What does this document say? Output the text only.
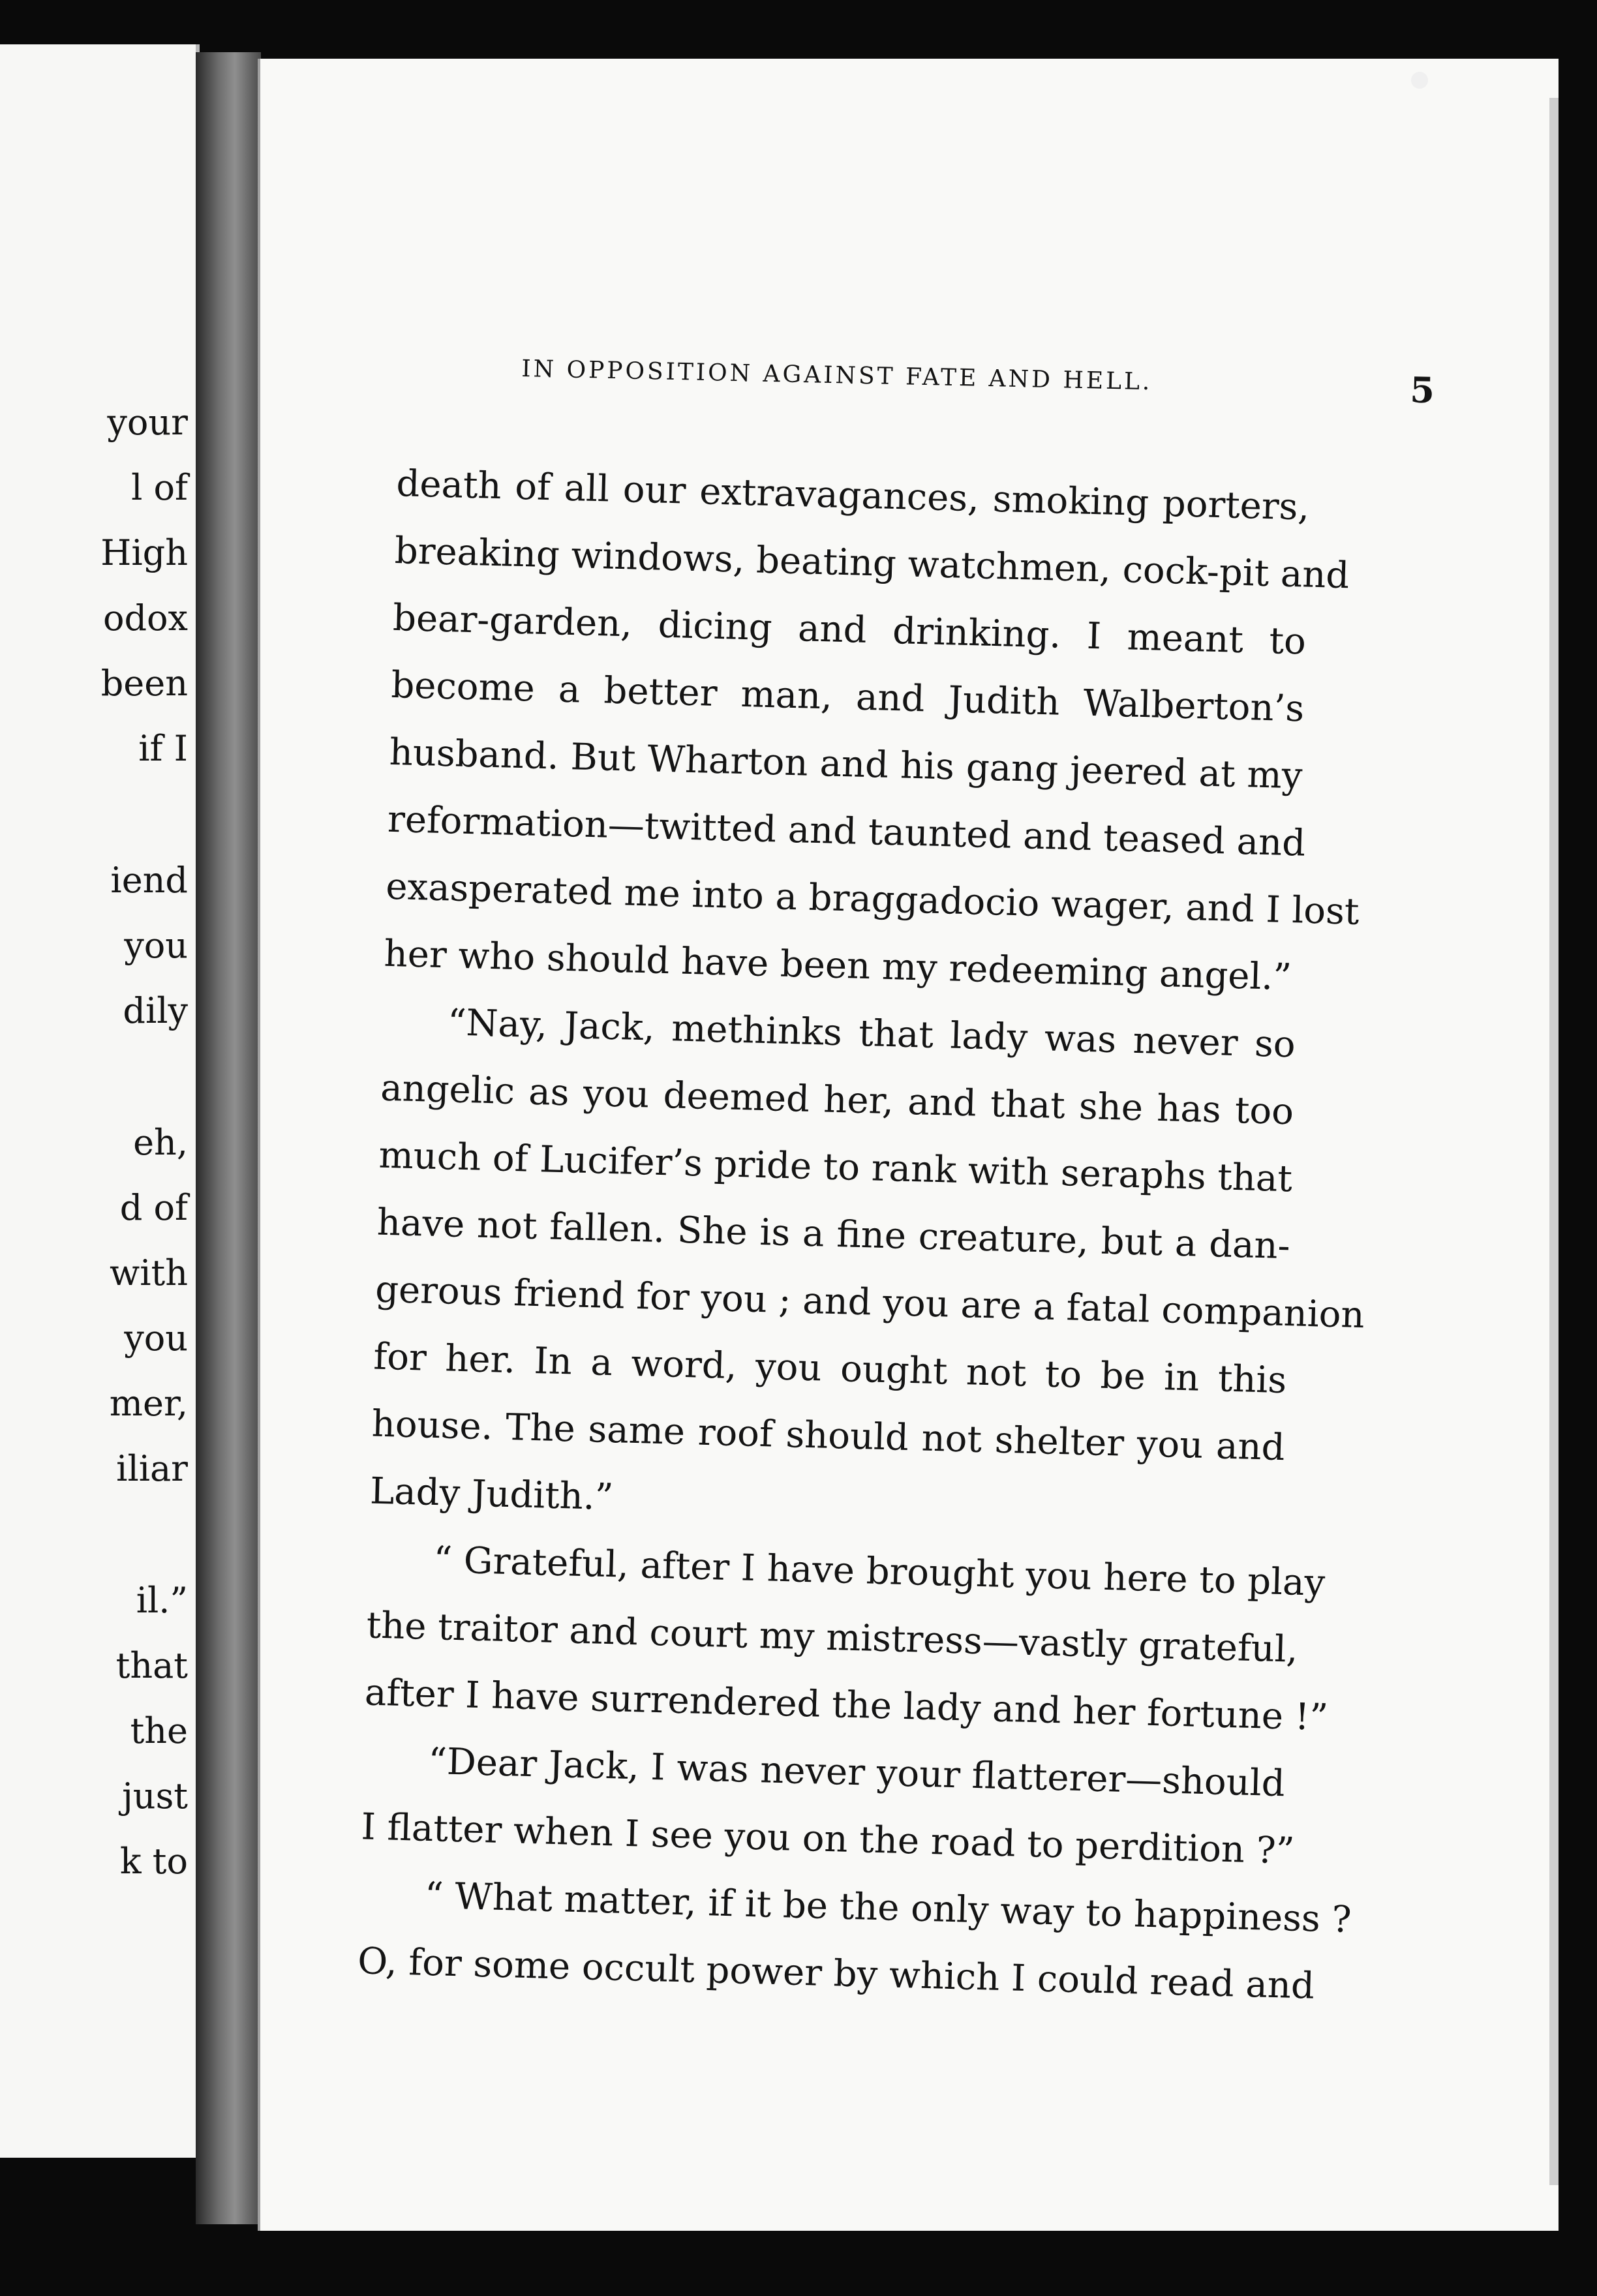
your
l of
High
odox
been
if I
iend
you
dily
eh,
d of
with
you
mer,
iliar
il.”
that
the
just
k to
IN OPPOSITION AGAINST FATE AND HELL.	5
death of all our extravagances, smoking porters,
breaking windows, beating watchmen, cock-pit and
bear-garden, dicing and drinking. I meant to
become a better man, and Judith Walberton’s
husband. But Wharton and his gang jeered at my
reformation—twitted and taunted and teased and
exasperated me into a braggadocio wager, and I lost
her who should have been my redeeming angel.”
“Nay, Jack, methinks that lady was never so
angelic as you deemed her, and that she has too
much of Lucifer’s pride to rank with seraphs that
have not fallen. She is a fine creature, but a dan-
gerous friend for you ; and you are a fatal companion
for her. In a word, you ought not to be in this
house. The same roof should not shelter you and
Lady Judith.”
“ Grateful, after I have brought you here to play
the traitor and court my mistress—vastly grateful,
after I have surrendered the lady and her fortune !”
“Dear Jack, I was never your flatterer—should
I flatter when I see you on the road to perdition ?”
“ What matter, if it be the only way to happiness ?
O, for some occult power by which I could read and
